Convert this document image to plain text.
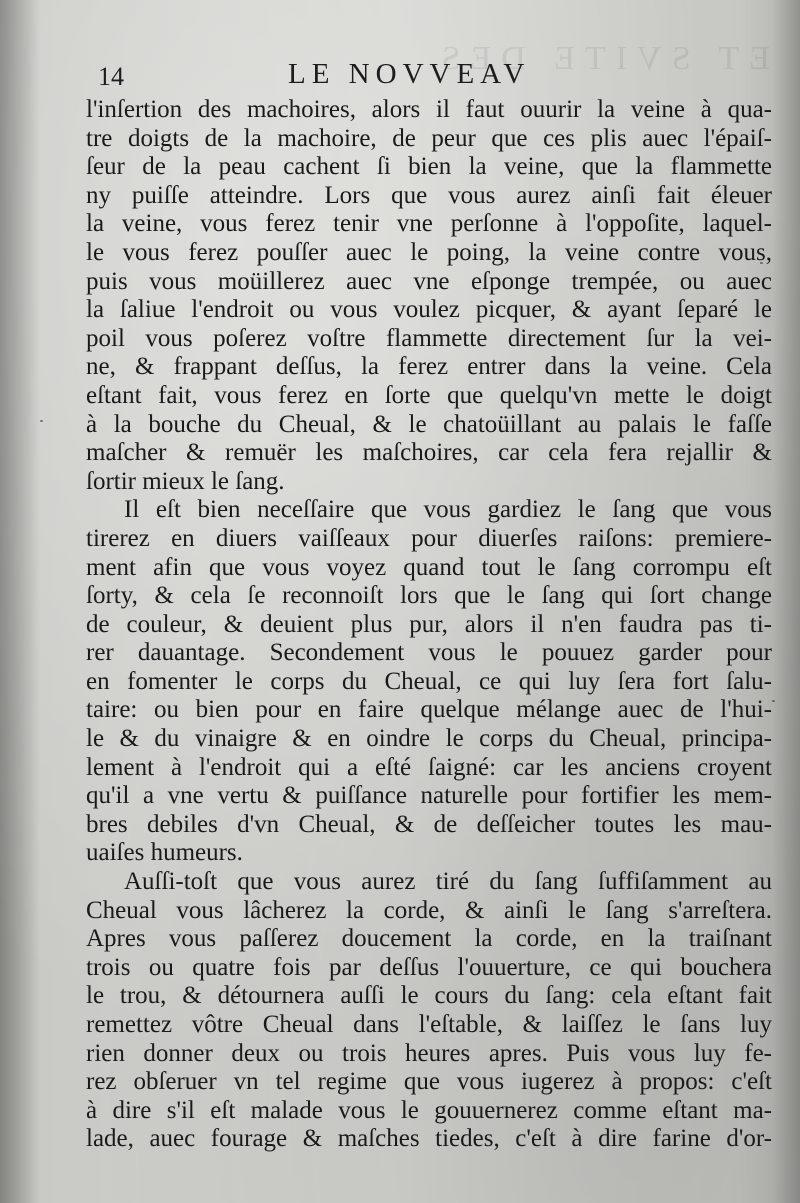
ET SVITE DES
14	LE NOVVEAV
l'inſertion des machoires, alors il faut ouurir la veine à qua-
tre doigts de la machoire, de peur que ces plis auec l'épaiſ-
ſeur de la peau cachent ſi bien la veine, que la flammette
ny puiſſe atteindre. Lors que vous aurez ainſi fait éleuer
la veine, vous ferez tenir vne perſonne à l'oppoſite, laquel-
le vous ferez pouſſer auec le poing, la veine contre vous,
puis vous moüillerez auec vne eſponge trempée, ou auec
la ſaliue l'endroit ou vous voulez picquer, & ayant ſeparé le
poil vous poſerez voſtre flammette directement ſur la vei-
ne, & frappant deſſus, la ferez entrer dans la veine. Cela
eſtant fait, vous ferez en ſorte que quelqu'vn mette le doigt
à la bouche du Cheual, & le chatoüillant au palais le faſſe
maſcher & remuër les maſchoires, car cela fera rejallir &
ſortir mieux le ſang.
Il eſt bien neceſſaire que vous gardiez le ſang que vous
tirerez en diuers vaiſſeaux pour diuerſes raiſons: premiere-
ment afin que vous voyez quand tout le ſang corrompu eſt
ſorty, & cela ſe reconnoiſt lors que le ſang qui ſort change
de couleur, & deuient plus pur, alors il n'en faudra pas ti-
rer dauantage. Secondement vous le pouuez garder pour
en fomenter le corps du Cheual, ce qui luy ſera fort ſalu-
taire: ou bien pour en faire quelque mélange auec de l'hui-
le & du vinaigre & en oindre le corps du Cheual, principa-
lement à l'endroit qui a eſté ſaigné: car les anciens croyent
qu'il a vne vertu & puiſſance naturelle pour fortifier les mem-
bres debiles d'vn Cheual, & de deſſeicher toutes les mau-
uaiſes humeurs.
Auſſi-toſt que vous aurez tiré du ſang ſuffiſamment au
Cheual vous lâcherez la corde, & ainſi le ſang s'arreſtera.
Apres vous paſſerez doucement la corde, en la traiſnant
trois ou quatre fois par deſſus l'ouuerture, ce qui bouchera
le trou, & détournera auſſi le cours du ſang: cela eſtant fait
remettez vôtre Cheual dans l'eſtable, & laiſſez le ſans luy
rien donner deux ou trois heures apres. Puis vous luy fe-
rez obſeruer vn tel regime que vous iugerez à propos: c'eſt
à dire s'il eſt malade vous le gouuernerez comme eſtant ma-
lade, auec fourage & maſches tiedes, c'eſt à dire farine d'or-
